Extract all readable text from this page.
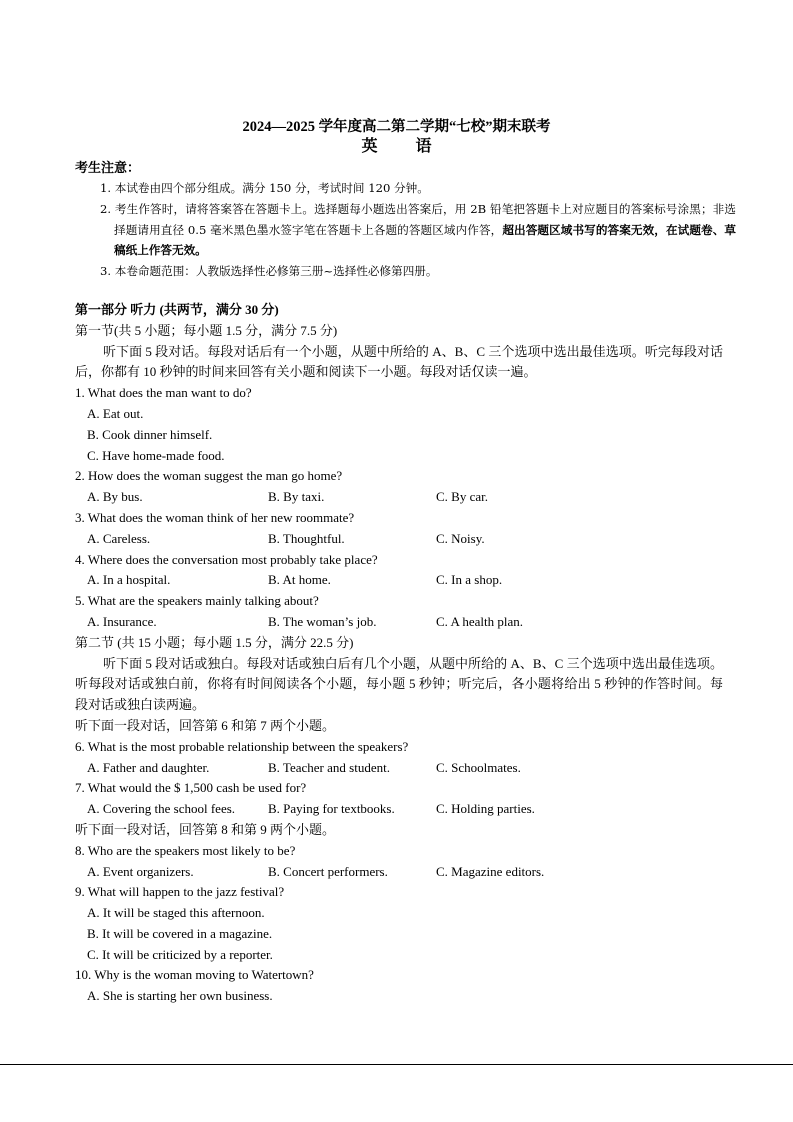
2024—2025 学年度高二第二学期“七校”期末联考

英 语

考生注意：
1. 本试卷由四个部分组成。满分 150 分，考试时间 120 分钟。
2. 考生作答时，请将答案答在答题卡上。选择题每小题选出答案后，用 2B 铅笔把答题卡上对应题目的答案标号涂黑；非选择题请用直径 0.5 毫米黑色墨水签字笔在答题卡上各题的答题区域内作答，超出答题区域书写的答案无效，在试题卷、草稿纸上作答无效。
3. 本卷命题范围：人教版选择性必修第三册~选择性必修第四册。
第一部分 听力 (共两节，满分 30 分)
第一节(共 5 小题；每小题 1.5 分，满分 7.5 分)
听下面 5 段对话。每段对话后有一个小题，从题中所给的 A、B、C 三个选项中选出最佳选项。听完每段对话后，你都有 10 秒钟的时间来回答有关小题和阅读下一小题。每段对话仅读一遍。
1. What does the man want to do?
A. Eat out.
B. Cook dinner himself.
C. Have home-made food.
2. How does the woman suggest the man go home?
A. By bus.	B. By taxi.	C. By car.
3. What does the woman think of her new roommate?
A. Careless.	B. Thoughtful.	C. Noisy.
4. Where does the conversation most probably take place?
A. In a hospital.	B. At home.	C. In a shop.
5. What are the speakers mainly talking about?
A. Insurance.	B. The woman’s job.	C. A health plan.
第二节 (共 15 小题；每小题 1.5 分，满分 22.5 分)
听下面 5 段对话或独白。每段对话或独白后有几个小题，从题中所给的 A、B、C 三个选项中选出最佳选项。听每段对话或独白前，你将有时间阅读各个小题，每小题 5 秒钟；听完后，各小题将给出 5 秒钟的作答时间。每段对话或独白读两遍。
听下面一段对话，回答第 6 和第 7 两个小题。
6. What is the most probable relationship between the speakers?
A. Father and daughter.	B. Teacher and student.	C. Schoolmates.
7. What would the $ 1,500 cash be used for?
A. Covering the school fees.	B. Paying for textbooks.	C. Holding parties.
听下面一段对话，回答第 8 和第 9 两个小题。
8. Who are the speakers most likely to be?
A. Event organizers.	B. Concert performers.	C. Magazine editors.
9. What will happen to the jazz festival?
A. It will be staged this afternoon.
B. It will be covered in a magazine.
C. It will be criticized by a reporter.
10. Why is the woman moving to Watertown?
A. She is starting her own business.
